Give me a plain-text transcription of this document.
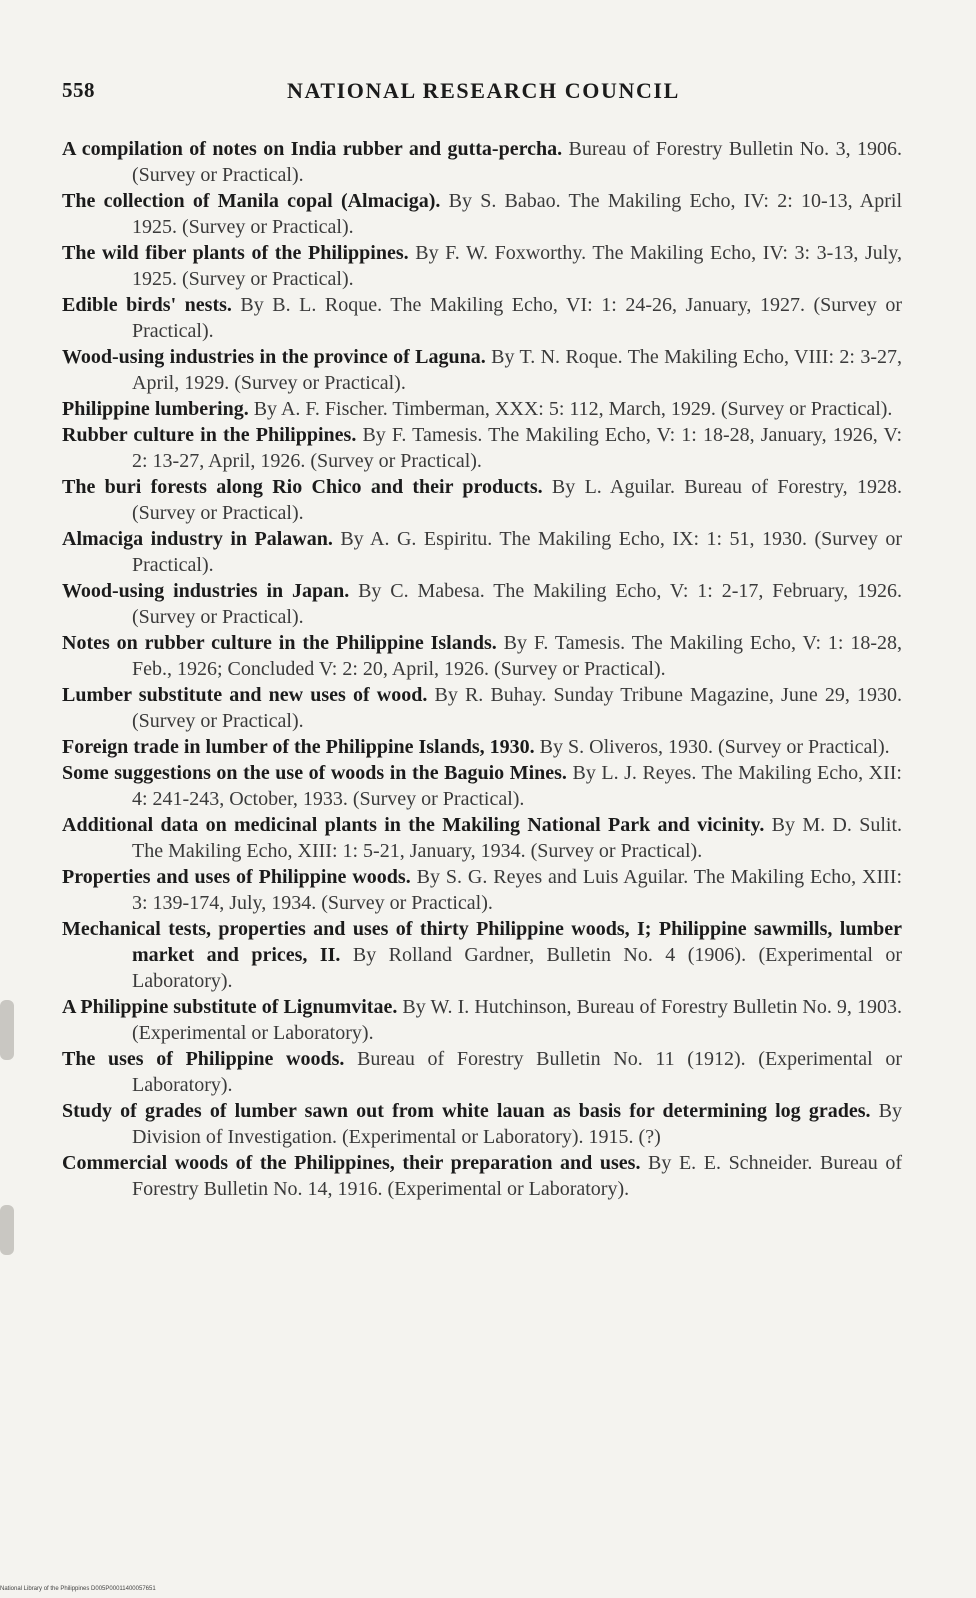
558	NATIONAL RESEARCH COUNCIL

A compilation of notes on India rubber and gutta-percha. Bureau of Forestry Bulletin No. 3, 1906. (Survey or Practical).

The collection of Manila copal (Almaciga). By S. Babao. The Makiling Echo, IV: 2: 10-13, April 1925. (Survey or Practical).

The wild fiber plants of the Philippines. By F. W. Foxworthy. The Makiling Echo, IV: 3: 3-13, July, 1925. (Survey or Practical).

Edible birds' nests. By B. L. Roque. The Makiling Echo, VI: 1: 24-26, January, 1927. (Survey or Practical).

Wood-using industries in the province of Laguna. By T. N. Roque. The Makiling Echo, VIII: 2: 3-27, April, 1929. (Survey or Practical).

Philippine lumbering. By A. F. Fischer. Timberman, XXX: 5: 112, March, 1929. (Survey or Practical).

Rubber culture in the Philippines. By F. Tamesis. The Makiling Echo, V: 1: 18-28, January, 1926, V: 2: 13-27, April, 1926. (Survey or Practical).

The buri forests along Rio Chico and their products. By L. Aguilar. Bureau of Forestry, 1928. (Survey or Practical).

Almaciga industry in Palawan. By A. G. Espiritu. The Makiling Echo, IX: 1: 51, 1930. (Survey or Practical).

Wood-using industries in Japan. By C. Mabesa. The Makiling Echo, V: 1: 2-17, February, 1926. (Survey or Practical).

Notes on rubber culture in the Philippine Islands. By F. Tamesis. The Makiling Echo, V: 1: 18-28, Feb., 1926; Concluded V: 2: 20, April, 1926. (Survey or Practical).

Lumber substitute and new uses of wood. By R. Buhay. Sunday Tribune Magazine, June 29, 1930. (Survey or Practical).

Foreign trade in lumber of the Philippine Islands, 1930. By S. Oliveros, 1930. (Survey or Practical).

Some suggestions on the use of woods in the Baguio Mines. By L. J. Reyes. The Makiling Echo, XII: 4: 241-243, October, 1933. (Survey or Practical).

Additional data on medicinal plants in the Makiling National Park and vicinity. By M. D. Sulit. The Makiling Echo, XIII: 1: 5-21, January, 1934. (Survey or Practical).

Properties and uses of Philippine woods. By S. G. Reyes and Luis Aguilar. The Makiling Echo, XIII: 3: 139-174, July, 1934. (Survey or Practical).

Mechanical tests, properties and uses of thirty Philippine woods, I; Philippine sawmills, lumber market and prices, II. By Rolland Gardner, Bulletin No. 4 (1906). (Experimental or Laboratory).

A Philippine substitute of Lignumvitae. By W. I. Hutchinson, Bureau of Forestry Bulletin No. 9, 1903. (Experimental or Laboratory).

The uses of Philippine woods. Bureau of Forestry Bulletin No. 11 (1912). (Experimental or Laboratory).

Study of grades of lumber sawn out from white lauan as basis for determining log grades. By Division of Investigation. (Experimental or Laboratory). 1915. (?)

Commercial woods of the Philippines, their preparation and uses. By E. E. Schneider. Bureau of Forestry Bulletin No. 14, 1916. (Experimental or Laboratory).

National Library of the Philippines D005P00011400057651
